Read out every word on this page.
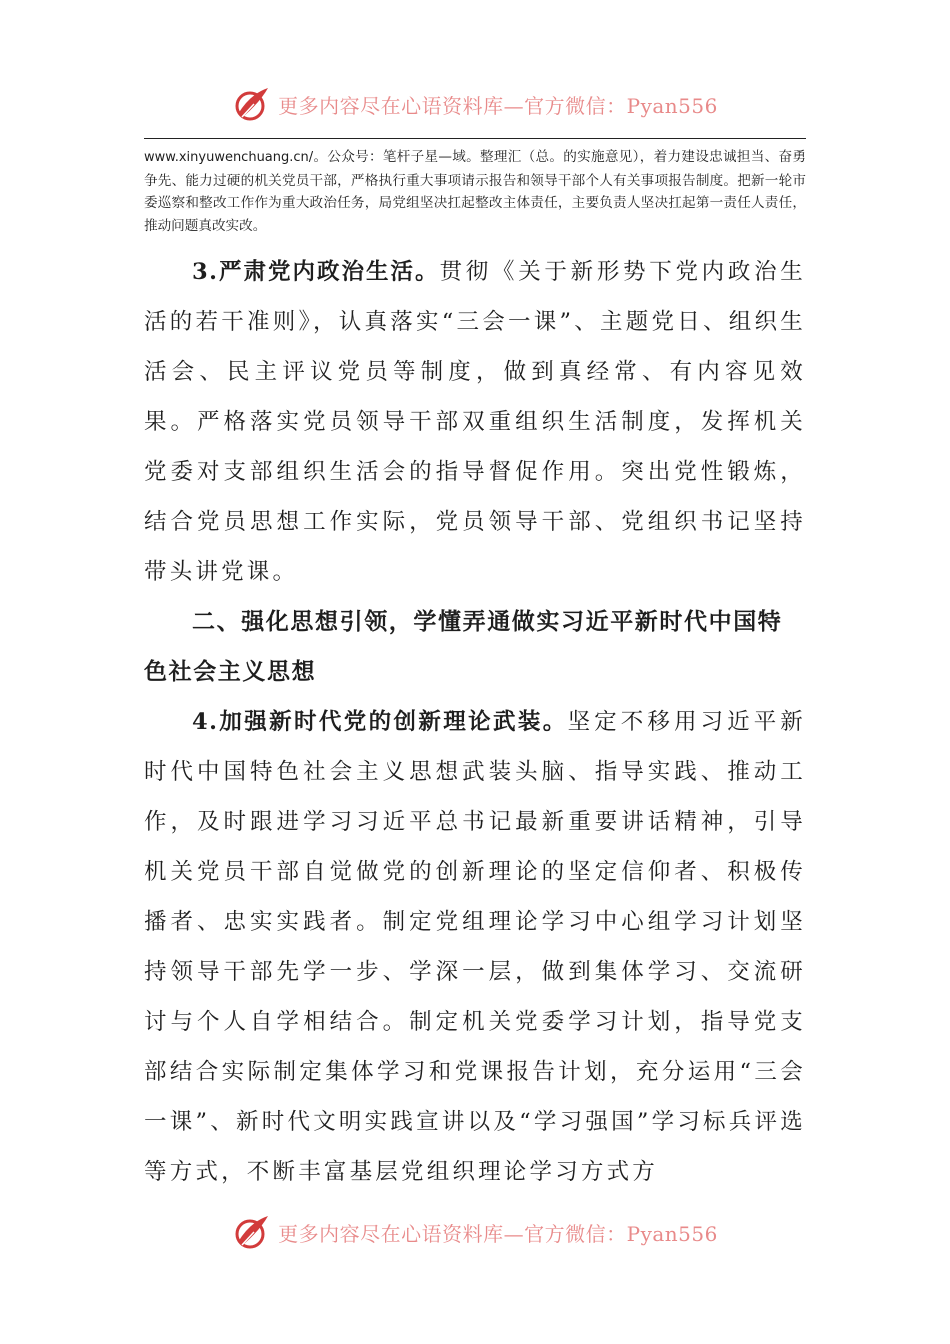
更多内容尽在心语资料库—官方微信：Pyan556

www.xinyuwenchuang.cn/。公众号：笔杆子星—域。整理汇（总。的实施意见），着力建设忠诚担当、奋勇争先、能力过硬的机关党员干部，严格执行重大事项请示报告和领导干部个人有关事项报告制度。把新一轮市委巡察和整改工作作为重大政治任务，局党组坚决扛起整改主体责任，主要负责人坚决扛起第一责任人责任，推动问题真改实改。

3.严肃党内政治生活。贯彻《关于新形势下党内政治生活的若干准则》，认真落实“三会一课”、主题党日、组织生活会、民主评议党员等制度，做到真经常、有内容见效果。严格落实党员领导干部双重组织生活制度，发挥机关党委对支部组织生活会的指导督促作用。突出党性锻炼，结合党员思想工作实际，党员领导干部、党组织书记坚持带头讲党课。

二、强化思想引领，学懂弄通做实习近平新时代中国特色社会主义思想

4.加强新时代党的创新理论武装。坚定不移用习近平新时代中国特色社会主义思想武装头脑、指导实践、推动工作，及时跟进学习习近平总书记最新重要讲话精神，引导机关党员干部自觉做党的创新理论的坚定信仰者、积极传播者、忠实实践者。制定党组理论学习中心组学习计划坚持领导干部先学一步、学深一层，做到集体学习、交流研讨与个人自学相结合。制定机关党委学习计划，指导党支部结合实际制定集体学习和党课报告计划，充分运用“三会一课”、新时代文明实践宣讲以及“学习强国”学习标兵评选等方式，不断丰富基层党组织理论学习方式方

更多内容尽在心语资料库—官方微信：Pyan556
